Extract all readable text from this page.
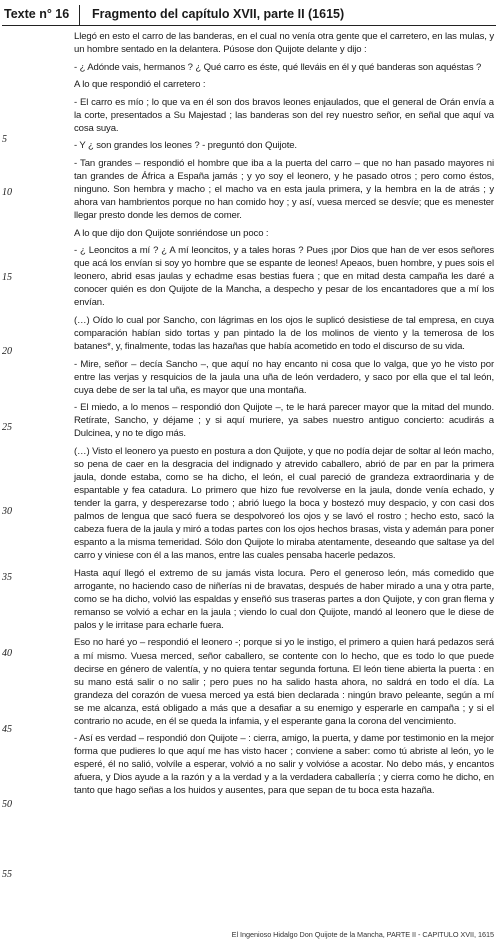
Texte n° 16	Fragmento del capítulo XVII, parte II (1615)
5
10
15
20
25
30
35
40
45
50
55

Llegó en esto el carro de las banderas, en el cual no venía otra gente que el carretero, en las mulas, y un hombre sentado en la delantera. Púsose don Quijote delante y dijo :

- ¿ Adónde vais, hermanos ? ¿ Qué carro es éste, qué lleváis en él y qué banderas son aquéstas ?

A lo que respondió el carretero :

- El carro es mío ; lo que va en él son dos bravos leones enjaulados, que el general de Orán envía a la corte, presentados a Su Majestad ; las banderas son del rey nuestro señor, en señal que aquí va cosa suya.

- Y ¿ son grandes los leones ? - preguntó don Quijote.

- Tan grandes – respondió el hombre que iba a la puerta del carro – que no han pasado mayores ni tan grandes de África a España jamás ; y yo soy el leonero, y he pasado otros ; pero como éstos, ninguno. Son hembra y macho ; el macho va en esta jaula primera, y la hembra en la de atrás ; y ahora van hambrientos porque no han comido hoy ; y así, vuesa merced se desvíe; que es menester llegar presto donde les demos de comer.

A lo que dijo don Quijote sonriéndose un poco :

- ¿ Leoncitos a mí ? ¿ A mí leoncitos, y a tales horas ? Pues ¡por Dios que han de ver esos señores que acá los envían si soy yo hombre que se espante de leones! Apeaos, buen hombre, y pues sois el leonero, abrid esas jaulas y echadme esas bestias fuera ; que en mitad desta campaña les daré a conocer quién es don Quijote de la Mancha, a despecho y pesar de los encantadores que a mí los envían.

(…) Oído lo cual por Sancho, con lágrimas en los ojos le suplicó desistiese de tal empresa, en cuya comparación habían sido tortas y pan pintado la de los molinos de viento y la temerosa de los batanes*, y, finalmente, todas las hazañas que había acometido en todo el discurso de su vida.

- Mire, señor – decía Sancho –, que aquí no hay encanto ni cosa que lo valga, que yo he visto por entre las verjas y resquicios de la jaula una uña de león verdadero, y saco por ella que el tal león, cuya debe de ser la tal uña, es mayor que una montaña.

- El miedo, a lo menos – respondió don Quijote –, te le hará parecer mayor que la mitad del mundo. Retírate, Sancho, y déjame ; y si aquí muriere, ya sabes nuestro antiguo concierto: acudirás a Dulcinea, y no te digo más.

(…) Visto el leonero ya puesto en postura a don Quijote, y que no podía dejar de soltar al león macho, so pena de caer en la desgracia del indignado y atrevido caballero, abrió de par en par la primera jaula, donde estaba, como se ha dicho, el león, el cual pareció de grandeza extraordinaria y de espantable y fea catadura. Lo primero que hizo fue revolverse en la jaula, donde venía echado, y tender la garra, y desperezarse todo ; abrió luego la boca y bostezó muy despacio, y con casi dos palmos de lengua que sacó fuera se despolvoreó los ojos y se lavó el rostro ; hecho esto, sacó la cabeza fuera de la jaula y miró a todas partes con los ojos hechos brasas, vista y ademán para poner espanto a la misma temeridad. Sólo don Quijote lo miraba atentamente, deseando que saltase ya del carro y viniese con él a las manos, entre las cuales pensaba hacerle pedazos.

Hasta aquí llegó el extremo de su jamás vista locura. Pero el generoso león, más comedido que arrogante, no haciendo caso de niñerías ni de bravatas, después de haber mirado a una y otra parte, como se ha dicho, volvió las espaldas y enseñó sus traseras partes a don Quijote, y con gran flema y remanso se volvió a echar en la jaula ; viendo lo cual don Quijote, mandó al leonero que le diese de palos y le irritase para echarle fuera.

Eso no haré yo – respondió el leonero -; porque si yo le instigo, el primero a quien hará pedazos será a mí mismo. Vuesa merced, señor caballero, se contente con lo hecho, que es todo lo que puede decirse en género de valentía, y no quiera tentar segunda fortuna. El león tiene abierta la puerta : en su mano está salir o no salir ; pero pues no ha salido hasta ahora, no saldrá en todo el día. La grandeza del corazón de vuesa merced ya está bien declarada : ningún bravo peleante, según a mí se me alcanza, está obligado a más que a desafiar a su enemigo y esperarle en campaña ; y si el contrario no acude, en él se queda la infamia, y el esperante gana la corona del vencimiento.

- Así es verdad – respondió don Quijote – : cierra, amigo, la puerta, y dame por testimonio en la mejor forma que pudieres lo que aquí me has visto hacer ; conviene a saber: como tú abriste al león, yo le esperé, él no salió, volvíle a esperar, volvió a no salir y volvióse a acostar. No debo más, y encantos afuera, y Dios ayude a la razón y a la verdad y a la verdadera caballería ; y cierra como he dicho, en tanto que hago señas a los huidos y ausentes, para que sepan de tu boca esta hazaña.

El Ingenioso Hidalgo Don Quijote de la Mancha, PARTE II - CAPITULO XVII, 1615
